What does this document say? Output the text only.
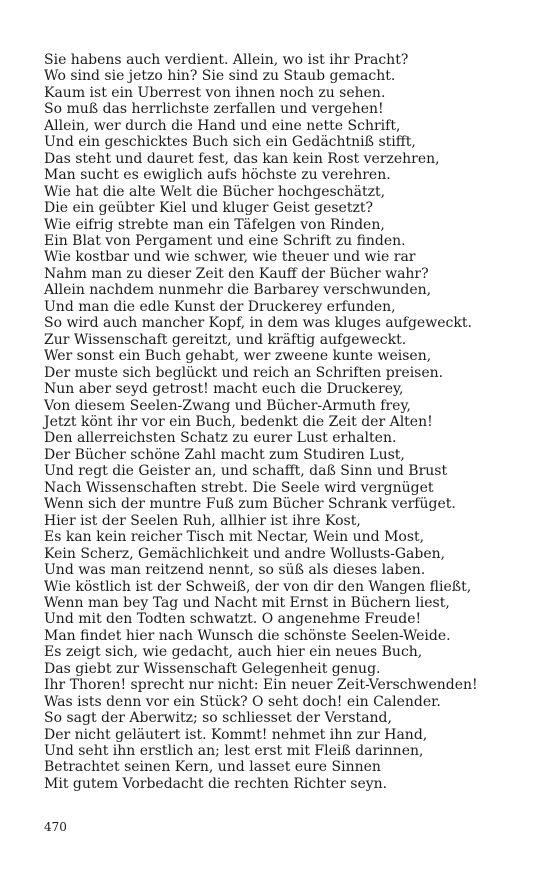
Sie habens auch verdient. Allein, wo ist ihr Pracht?
Wo sind sie jetzo hin? Sie sind zu Staub gemacht.
Kaum ist ein Uberrest von ihnen noch zu sehen.
So muß das herrlichste zerfallen und vergehen!
Allein, wer durch die Hand und eine nette Schrift,
Und ein geschicktes Buch sich ein Gedächtniß stifft,
Das steht und dauret fest, das kan kein Rost verzehren,
Man sucht es ewiglich aufs höchste zu verehren.
Wie hat die alte Welt die Bücher hochgeschätzt,
Die ein geübter Kiel und kluger Geist gesetzt?
Wie eifrig strebte man ein Täfelgen von Rinden,
Ein Blat von Pergament und eine Schrift zu finden.
Wie kostbar und wie schwer, wie theuer und wie rar
Nahm man zu dieser Zeit den Kauff der Bücher wahr?
Allein nachdem nunmehr die Barbarey verschwunden,
Und man die edle Kunst der Druckerey erfunden,
So wird auch mancher Kopf, in dem was kluges aufgeweckt.
Zur Wissenschaft gereitzt, und kräftig aufgeweckt.
Wer sonst ein Buch gehabt, wer zweene kunte weisen,
Der muste sich beglückt und reich an Schriften preisen.
Nun aber seyd getrost! macht euch die Druckerey,
Von diesem Seelen-Zwang und Bücher-Armuth frey,
Jetzt könt ihr vor ein Buch, bedenkt die Zeit der Alten!
Den allerreichsten Schatz zu eurer Lust erhalten.
Der Bücher schöne Zahl macht zum Studiren Lust,
Und regt die Geister an, und schafft, daß Sinn und Brust
Nach Wissenschaften strebt. Die Seele wird vergnüget
Wenn sich der muntre Fuß zum Bücher Schrank verfüget.
Hier ist der Seelen Ruh, allhier ist ihre Kost,
Es kan kein reicher Tisch mit Nectar, Wein und Most,
Kein Scherz, Gemächlichkeit und andre Wollusts-Gaben,
Und was man reitzend nennt, so süß als dieses laben.
Wie köstlich ist der Schweiß, der von dir den Wangen fließt,
Wenn man bey Tag und Nacht mit Ernst in Büchern liest,
Und mit den Todten schwatzt. O angenehme Freude!
Man findet hier nach Wunsch die schönste Seelen-Weide.
Es zeigt sich, wie gedacht, auch hier ein neues Buch,
Das giebt zur Wissenschaft Gelegenheit genug.
Ihr Thoren! sprecht nur nicht: Ein neuer Zeit-Verschwenden!
Was ists denn vor ein Stück? O seht doch! ein Calender.
So sagt der Aberwitz; so schliesset der Verstand,
Der nicht geläutert ist. Kommt! nehmet ihn zur Hand,
Und seht ihn erstlich an; lest erst mit Fleiß darinnen,
Betrachtet seinen Kern, und lasset eure Sinnen
Mit gutem Vorbedacht die rechten Richter seyn.
470
